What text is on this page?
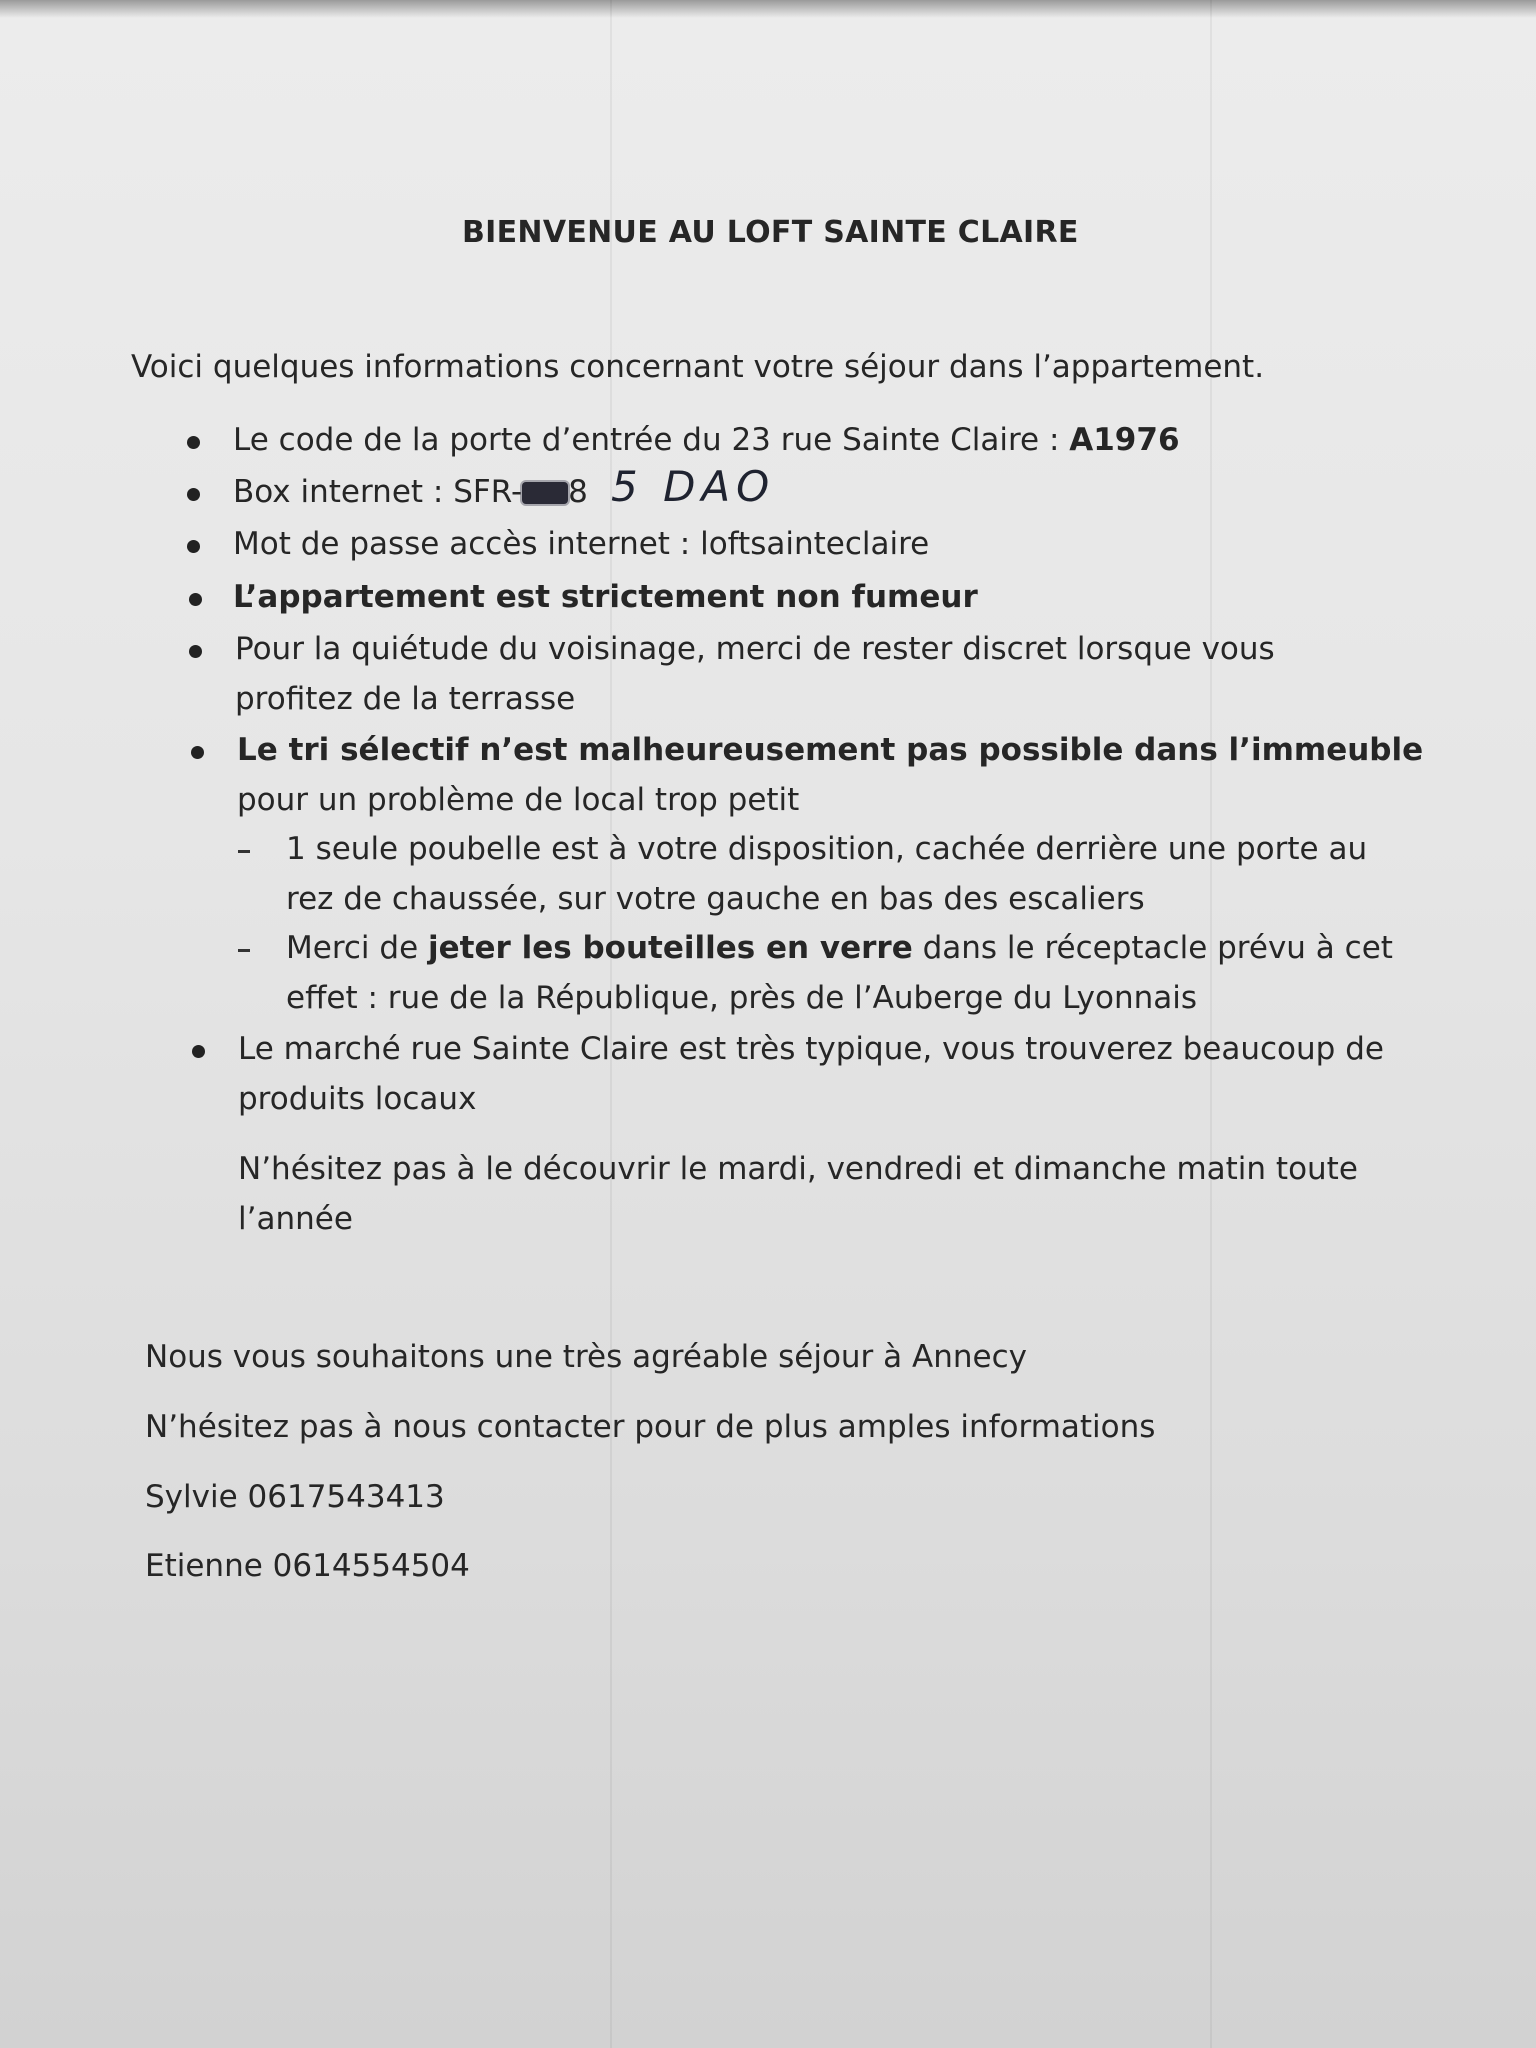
BIENVENUE AU LOFT SAINTE CLAIRE
Voici quelques informations concernant votre séjour dans l’appartement.
Le code de la porte d’entrée du 23 rue Sainte Claire : A1976
Box internet : SFR- 8 5 DAO
Mot de passe accès internet : loftsainteclaire
L’appartement est strictement non fumeur
Pour la quiétude du voisinage, merci de rester discret lorsque vous
profitez de la terrasse
Le tri sélectif n’est malheureusement pas possible dans l’immeuble
pour un problème de local trop petit
1 seule poubelle est à votre disposition, cachée derrière une porte au
rez de chaussée, sur votre gauche en bas des escaliers
Merci de jeter les bouteilles en verre dans le réceptacle prévu à cet
effet : rue de la République, près de l’Auberge du Lyonnais
Le marché rue Sainte Claire est très typique, vous trouverez beaucoup de
produits locaux
N’hésitez pas à le découvrir le mardi, vendredi et dimanche matin toute
l’année
Nous vous souhaitons une très agréable séjour à Annecy
N’hésitez pas à nous contacter pour de plus amples informations
Sylvie 0617543413
Etienne 0614554504
